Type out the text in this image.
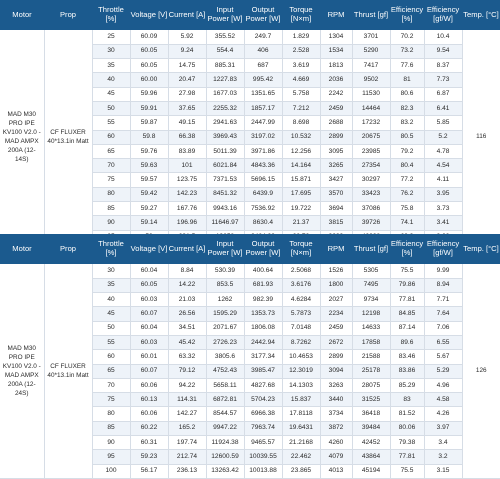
Motor	Prop	Throttle [%]	Voltage [V]	Current [A]	Input Power [W]	Output Power [W]	Torque [N×m]	RPM	Thrust [gf]	Efficiency [%]	Efficiency [gf/W]	Temp. [°C]
MAD M30 PRO IPE KV100 V2.0 - MAD AMPX 200A (12-14S)	CF FLUXER 40*13.1in Matt	25	60.09	5.92	355.52	249.7	1.829	1304	3701	70.2	10.4	116
		30	60.05	9.24	554.4	406	2.528	1534	5290	73.2	9.54	
		35	60.05	14.75	885.31	687	3.619	1813	7417	77.6	8.37	
		40	60.00	20.47	1227.83	995.42	4.669	2036	9502	81	7.73	
		45	59.96	27.98	1677.03	1351.65	5.758	2242	11530	80.6	6.87	
		50	59.91	37.65	2255.32	1857.17	7.212	2459	14464	82.3	6.41	
		55	59.87	49.15	2941.63	2447.99	8.698	2688	17232	83.2	5.85	
		60	59.8	66.38	3969.43	3197.02	10.532	2899	20675	80.5	5.2	
		65	59.76	83.89	5011.39	3971.86	12.256	3095	23985	79.2	4.78	
		70	59.63	101	6021.84	4843.36	14.164	3265	27354	80.4	4.54	
		75	59.57	123.75	7371.53	5696.15	15.871	3427	30297	77.2	4.11	
		80	59.42	142.23	8451.32	6439.9	17.695	3570	33423	76.2	3.95	
		85	59.27	167.76	9943.16	7536.92	19.722	3694	37086	75.8	3.73	
		90	59.14	196.96	11646.97	8630.4	21.37	3815	39726	74.1	3.41	

Motor	Prop	Throttle [%]	Voltage [V]	Current [A]	Input Power [W]	Output Power [W]	Torque [N×m]	RPM	Thrust [gf]	Efficiency [%]	Efficiency [gf/W]	Temp. [°C]
MAD M30 PRO IPE KV100 V2.0 - MAD AMPX 200A (12-24S)	CF FLUXER 40*13.1in Matt	30	60.04	8.84	530.39	400.64	2.5068	1526	5305	75.5	9.99	126
		35	60.05	14.22	853.5	681.93	3.6176	1800	7495	79.86	8.94	
		40	60.03	21.03	1262	982.39	4.6284	2027	9734	77.81	7.71	
		45	60.07	26.56	1595.29	1353.73	5.7873	2234	12198	84.85	7.64	
		50	60.04	34.51	2071.67	1806.08	7.0148	2459	14633	87.14	7.06	
		55	60.03	45.42	2726.23	2442.94	8.7262	2672	17858	89.6	6.55	
		60	60.01	63.32	3805.6	3177.34	10.4653	2899	21588	83.46	5.67	
		65	60.07	79.12	4752.43	3985.47	12.3019	3094	25178	83.86	5.29	
		70	60.06	94.22	5658.11	4827.68	14.1303	3263	28075	85.29	4.96	
		75	60.13	114.31	6872.81	5704.23	15.837	3440	31525	83	4.58	
		80	60.06	142.27	8544.57	6966.38	17.8118	3734	36418	81.52	4.26	
		85	60.22	165.2	9947.22	7963.74	19.6431	3872	39484	80.06	3.97	
		90	60.31	197.74	11924.38	9465.57	21.2168	4260	42452	79.38	3.4	
		95	59.23	212.74	12600.59	10039.55	22.462	4079	43864	77.81	3.2	
		100	56.17	236.13	13263.42	10013.88	23.865	4013	45194	75.5	3.15	
